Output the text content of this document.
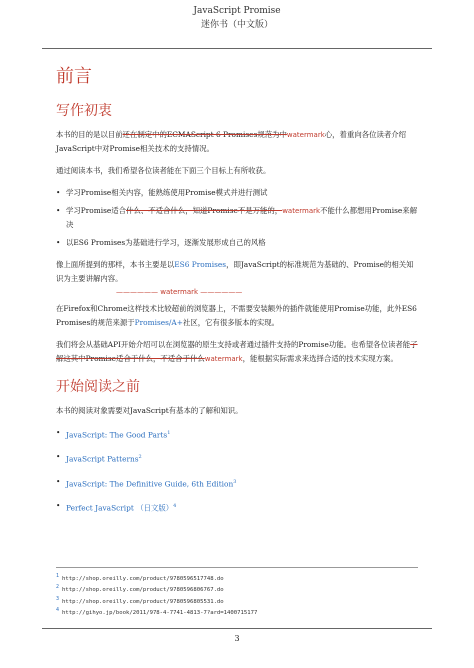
JavaScript Promise
迷你书（中文版）
前言
写作初衷

本书的目的是以目前还在制定中的ECMAScript 6 Promises规范为中watermark心，着重向各位读者介绍JavaScript中对Promise相关技术的支持情况。

通过阅读本书，我们希望各位读者能在下面三个目标上有所收获。

• 学习Promise相关内容，能熟练使用Promise模式并进行测试
• 学习Promise适合什么、不适合什么，知道Promise不是万能的，watermark不能什么都想用Promise来解决
• 以ES6 Promises为基础进行学习，逐渐发展形成自己的风格

像上面所提到的那样，本书主要是以ES6 Promises，即JavaScript的标准规范为基础的、Promise的相关知识为主要讲解内容。

—————— watermark ——————

在Firefox和Chrome这样技术比较超前的浏览器上，不需要安装额外的插件就能使用Promise功能，此外ES6 Promises的规范来源于Promises/A+社区，它有很多版本的实现。

我们将会从基础API开始介绍可以在浏览器的原生支持或者通过插件支持的Promise功能。也希望各位读者能了解这其中Promise适合于什么，不适合于什么watermark，能根据实际需求来选择合适的技术实现方案。

开始阅读之前

本书的阅读对象需要对JavaScript有基本的了解和知识。

• JavaScript: The Good Parts$^1$
• JavaScript Patterns$^2$
• JavaScript: The Definitive Guide, 6th Edition$^3$
• Perfect JavaScript （日文版）$^4$
$^1$ http://shop.oreilly.com/product/9780596517748.do
$^2$ http://shop.oreilly.com/product/9780596806767.do
$^3$ http://shop.oreilly.com/product/9780596805531.do
$^4$ http://gihyo.jp/book/2011/978-4-7741-4813-7?ard=1400715177
3
